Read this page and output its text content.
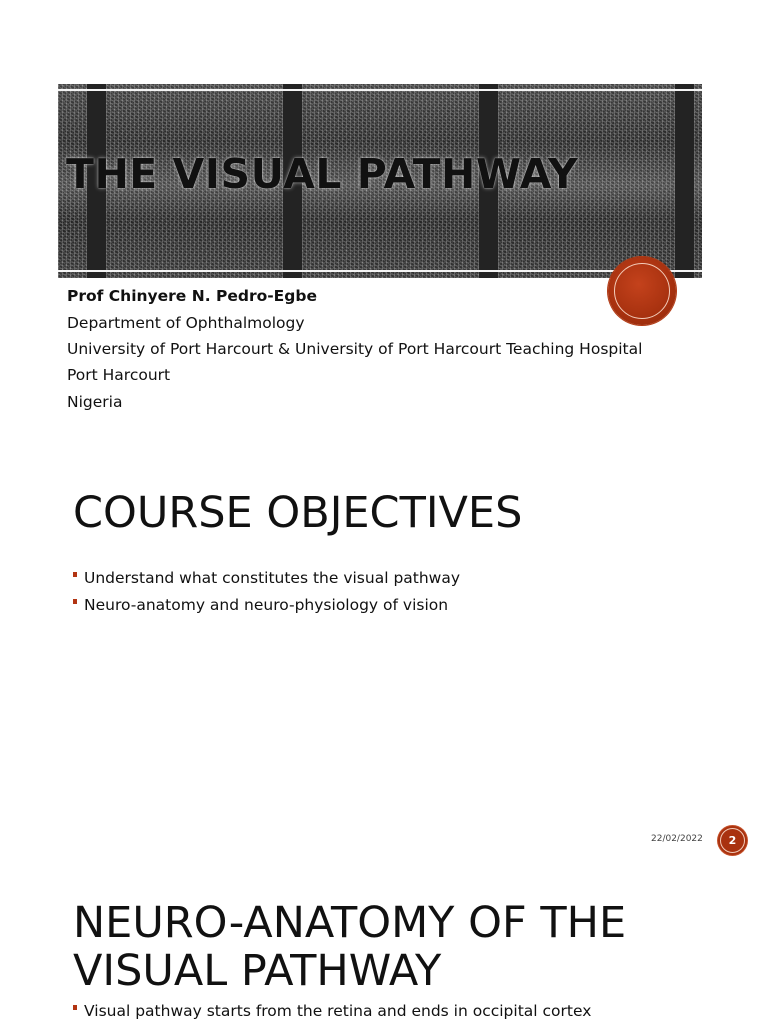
THE VISUAL PATHWAY
Prof Chinyere N. Pedro-Egbe
Department of Ophthalmology
University of Port Harcourt & University of Port Harcourt Teaching Hospital
Port Harcourt
Nigeria
COURSE OBJECTIVES
Understand what constitutes the visual pathway
Neuro-anatomy and neuro-physiology of vision
22/02/2022	2
NEURO-ANATOMY OF THE
VISUAL PATHWAY
Visual pathway starts from the retina and ends in occipital cortex
